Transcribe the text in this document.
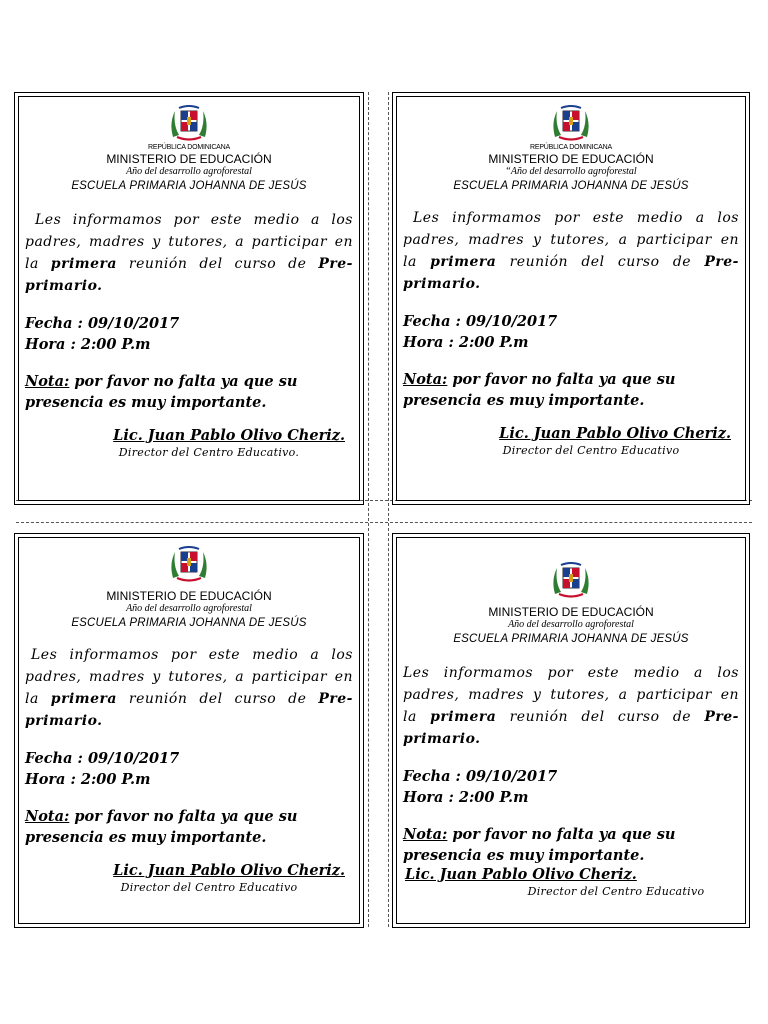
REPÚBLICA DOMINICANA
MINISTERIO DE EDUCACIÓN
Año del desarrollo agroforestal
ESCUELA PRIMARIA JOHANNA DE JESÚS
Les informamos por este medio a los
padres, madres y tutores, a participar en
la primera reunión del curso de Pre-
primario.
Fecha : 09/10/2017
Hora : 2:00 P.m
Nota: por favor no falta ya que su
presencia es muy importante.
Lic. Juan Pablo Olivo Cheriz.
Director del Centro Educativo.
REPÚBLICA DOMINICANA
MINISTERIO DE EDUCACIÓN
“Año del desarrollo agroforestal
ESCUELA PRIMARIA JOHANNA DE JESÚS
Les informamos por este medio a los
padres, madres y tutores, a participar en
la primera reunión del curso de Pre-
primario.
Fecha : 09/10/2017
Hora : 2:00 P.m
Nota: por favor no falta ya que su
presencia es muy importante.
Lic. Juan Pablo Olivo Cheriz.
Director del Centro Educativo
MINISTERIO DE EDUCACIÓN
Año del desarrollo agroforestal
ESCUELA PRIMARIA JOHANNA DE JESÚS
Les informamos por este medio a los
padres, madres y tutores, a participar en
la primera reunión del curso de Pre-
primario.
Fecha : 09/10/2017
Hora : 2:00 P.m
Nota: por favor no falta ya que su
presencia es muy importante.
Lic. Juan Pablo Olivo Cheriz.
Director del Centro Educativo
MINISTERIO DE EDUCACIÓN
Año del desarrollo agroforestal
ESCUELA PRIMARIA JOHANNA DE JESÚS
Les informamos por este medio a los
padres, madres y tutores, a participar en
la primera reunión del curso de Pre-
primario.
Fecha : 09/10/2017
Hora : 2:00 P.m
Nota: por favor no falta ya que su
presencia es muy importante.
Lic. Juan Pablo Olivo Cheriz.
Director del Centro Educativo
